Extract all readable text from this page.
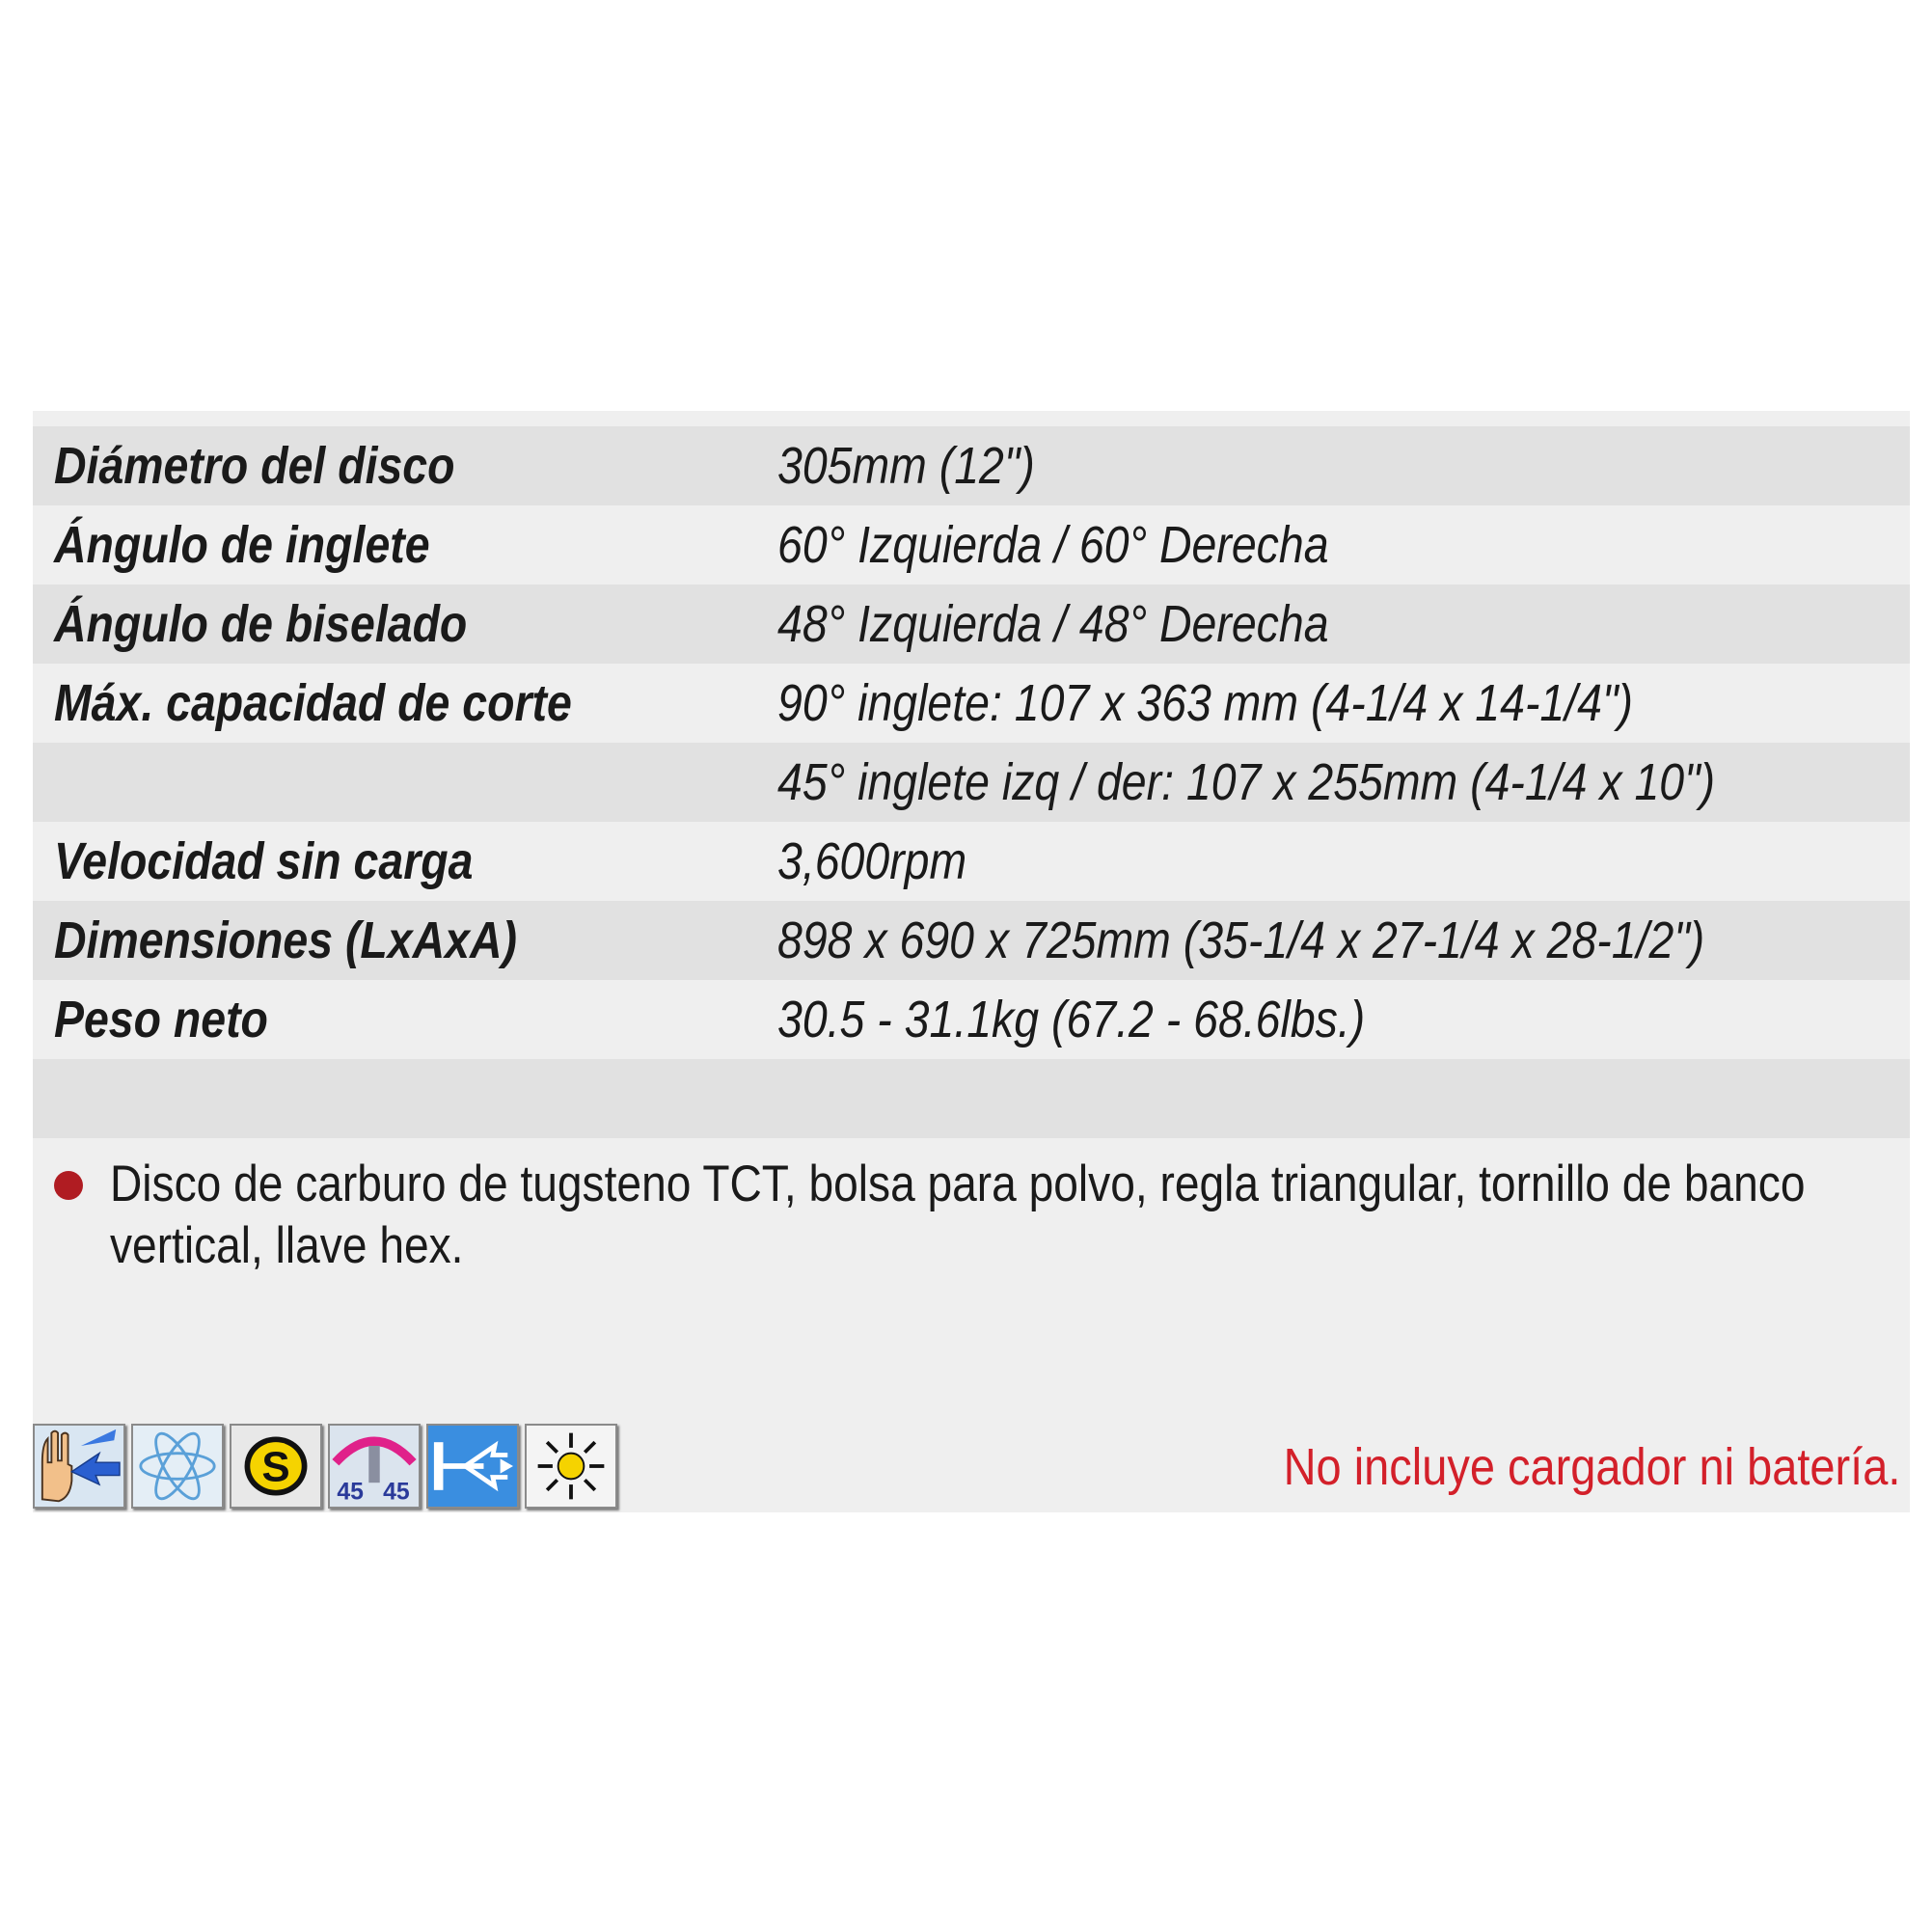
Diámetro del disco	305mm (12")
Ángulo de inglete	60° Izquierda / 60° Derecha
Ángulo de biselado	48° Izquierda / 48° Derecha
Máx. capacidad de corte	90° inglete: 107 x 363 mm (4-1/4 x 14-1/4")
45° inglete izq / der: 107 x 255mm (4-1/4 x 10")
Velocidad sin carga	3,600rpm
Dimensiones (LxAxA)	898 x 690 x 725mm (35-1/4 x 27-1/4 x 28-1/2")
Peso neto	30.5 - 31.1kg (67.2 - 68.6lbs.)
Disco de carburo de tugsteno TCT, bolsa para polvo, regla triangular, tornillo de banco vertical, llave hex.
S
45 45	No incluye cargador ni batería.
